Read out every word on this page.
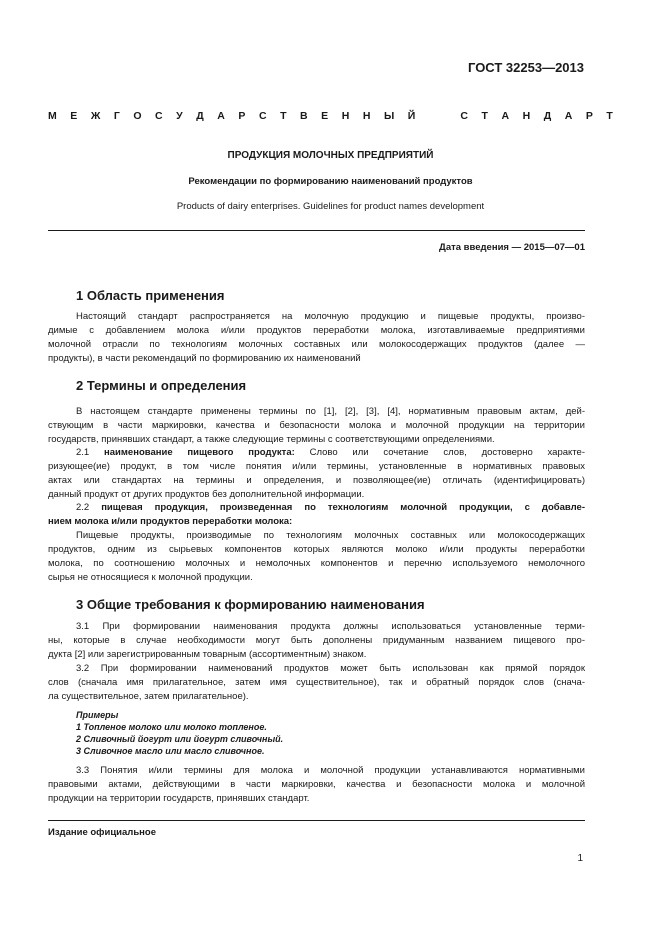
ГОСТ 32253—2013
М Е Ж Г О С У Д А Р С Т В Е Н Н Ы Й	С Т А Н Д А Р Т
ПРОДУКЦИЯ МОЛОЧНЫХ ПРЕДПРИЯТИЙ
Рекомендации по формированию наименований продуктов
Products of dairy enterprises. Guidelines for product names development
Дата введения — 2015—07—01
1 Область применения
Настоящий стандарт распространяется на молочную продукцию и пищевые продукты, произво-
димые с добавлением молока и/или продуктов переработки молока, изготавливаемые предприятиями
молочной отрасли по технологиям молочных составных или молокосодержащих продуктов (далее —
продукты), в части рекомендаций по формированию их наименований
2 Термины и определения
В настоящем стандарте применены термины по [1], [2], [3], [4], нормативным правовым актам, дей-
ствующим в части маркировки, качества и безопасности молока и молочной продукции на территории
государств, принявших стандарт, а также следующие термины с соответствующими определениями.
2.1 наименование пищевого продукта: Слово или сочетание слов, достоверно характе-
ризующее(ие) продукт, в том числе понятия и/или термины, установленные в нормативных правовых
актах или стандартах на термины и определения, и позволяющее(ие) отличать (идентифицировать)
данный продукт от других продуктов без дополнительной информации.
2.2 пищевая продукция, произведенная по технологиям молочной продукции, с добавле-
нием молока и/или продуктов переработки молока:
Пищевые продукты, производимые по технологиям молочных составных или молокосодержащих
продуктов, одним из сырьевых компонентов которых являются молоко и/или продукты переработки
молока, по соотношению молочных и немолочных компонентов и перечню используемого немолочного
сырья не относящиеся к молочной продукции.
3 Общие требования к формированию наименования
3.1 При формировании наименования продукта должны использоваться установленные терми-
ны, которые в случае необходимости могут быть дополнены придуманным названием пищевого про-
дукта [2] или зарегистрированным товарным (ассортиментным) знаком.
3.2 При формировании наименований продуктов может быть использован как прямой порядок
слов (сначала имя прилагательное, затем имя существительное), так и обратный порядок слов (снача-
ла существительное, затем прилагательное).
Примеры
1 Топленое молоко или молоко топленое.
2 Сливочный йогурт или йогурт сливочный.
3 Сливочное масло или масло сливочное.
3.3 Понятия и/или термины для молока и молочной продукции устанавливаются нормативными
правовыми актами, действующими в части маркировки, качества и безопасности молока и молочной
продукции на территории государств, принявших стандарт.
Издание официальное
1
